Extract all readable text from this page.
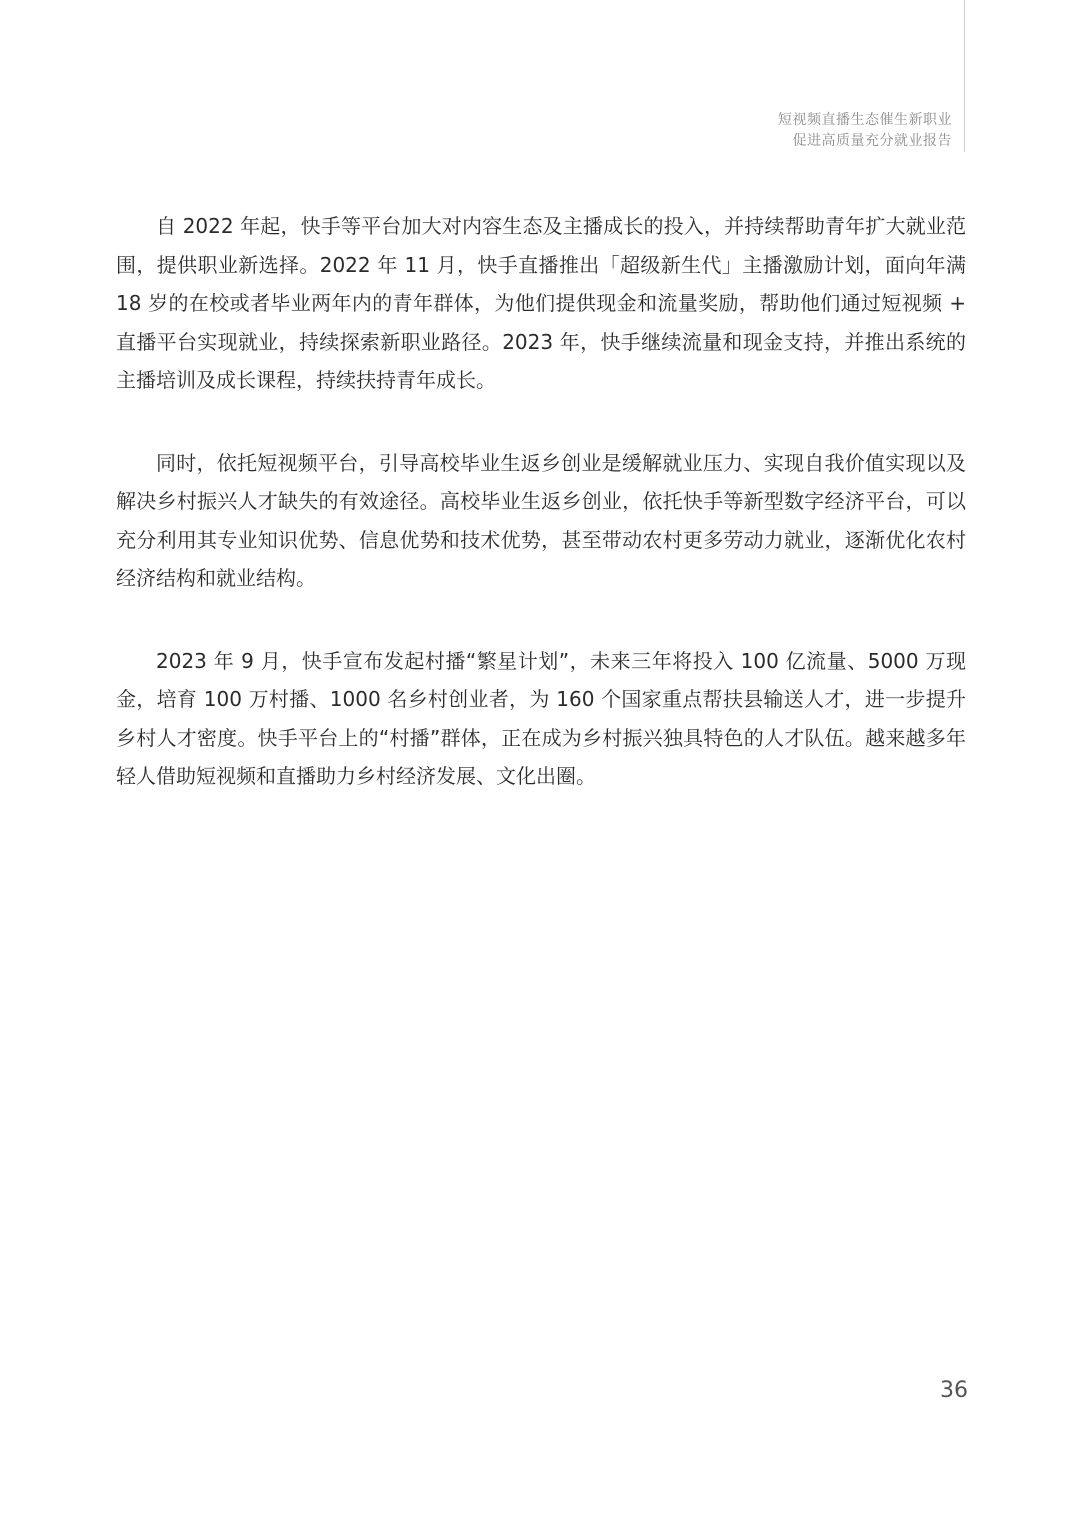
短视频直播生态催生新职业
促进高质量充分就业报告

自 2022 年起，快手等平台加大对内容生态及主播成长的投入，并持续帮助青年扩大就业范围，提供职业新选择。2022 年 11 月，快手直播推出「超级新生代」主播激励计划，面向年满 18 岁的在校或者毕业两年内的青年群体，为他们提供现金和流量奖励，帮助他们通过短视频 + 直播平台实现就业，持续探索新职业路径。2023 年，快手继续流量和现金支持，并推出系统的主播培训及成长课程，持续扶持青年成长。

同时，依托短视频平台，引导高校毕业生返乡创业是缓解就业压力、实现自我价值实现以及解决乡村振兴人才缺失的有效途径。高校毕业生返乡创业，依托快手等新型数字经济平台，可以充分利用其专业知识优势、信息优势和技术优势，甚至带动农村更多劳动力就业，逐渐优化农村经济结构和就业结构。

2023 年 9 月，快手宣布发起村播“繁星计划”，未来三年将投入 100 亿流量、5000 万现金，培育 100 万村播、1000 名乡村创业者，为 160 个国家重点帮扶县输送人才，进一步提升乡村人才密度。快手平台上的“村播”群体，正在成为乡村振兴独具特色的人才队伍。越来越多年轻人借助短视频和直播助力乡村经济发展、文化出圈。

36
